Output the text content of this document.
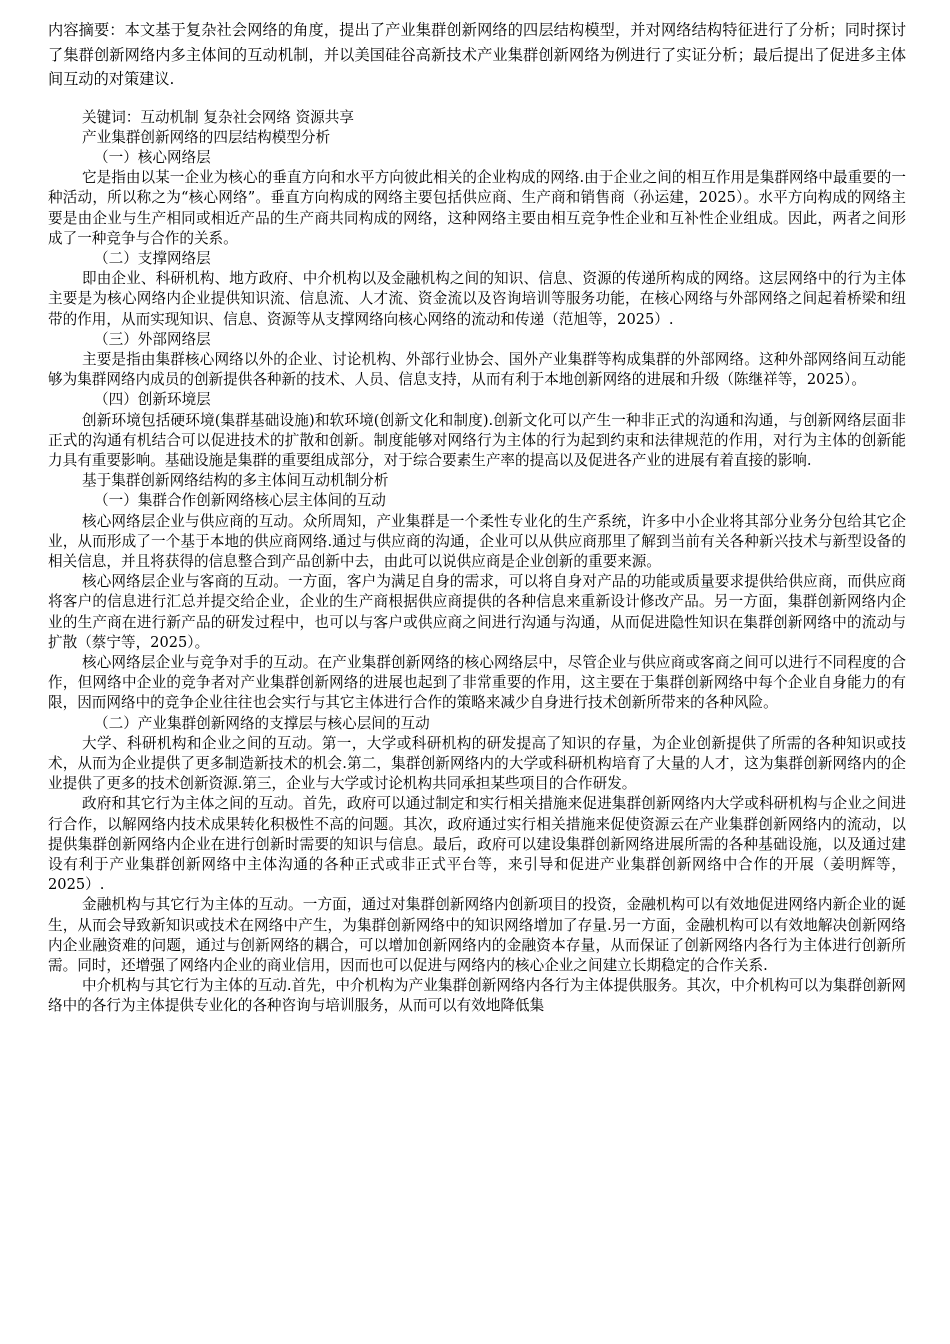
内容摘要：本文基于复杂社会网络的角度，提出了产业集群创新网络的四层结构模型，并对网络结构特征进行了分析；同时探讨了集群创新网络内多主体间的互动机制，并以美国硅谷高新技术产业集群创新网络为例进行了实证分析；最后提出了促进多主体间互动的对策建议.

关键词：互动机制 复杂社会网络 资源共享

产业集群创新网络的四层结构模型分析

（一）核心网络层

它是指由以某一企业为核心的垂直方向和水平方向彼此相关的企业构成的网络.由于企业之间的相互作用是集群网络中最重要的一种活动，所以称之为“核心网络”。垂直方向构成的网络主要包括供应商、生产商和销售商（孙运建，2025）。水平方向构成的网络主要是由企业与生产相同或相近产品的生产商共同构成的网络，这种网络主要由相互竞争性企业和互补性企业组成。因此，两者之间形成了一种竞争与合作的关系。

（二）支撑网络层

即由企业、科研机构、地方政府、中介机构以及金融机构之间的知识、信息、资源的传递所构成的网络。这层网络中的行为主体主要是为核心网络内企业提供知识流、信息流、人才流、资金流以及咨询培训等服务功能，在核心网络与外部网络之间起着桥梁和纽带的作用，从而实现知识、信息、资源等从支撑网络向核心网络的流动和传递（范旭等，2025）.

（三）外部网络层

主要是指由集群核心网络以外的企业、讨论机构、外部行业协会、国外产业集群等构成集群的外部网络。这种外部网络间互动能够为集群网络内成员的创新提供各种新的技术、人员、信息支持，从而有利于本地创新网络的进展和升级（陈继祥等，2025）。

（四）创新环境层

创新环境包括硬环境(集群基础设施)和软环境(创新文化和制度).创新文化可以产生一种非正式的沟通和沟通，与创新网络层面非正式的沟通有机结合可以促进技术的扩散和创新。制度能够对网络行为主体的行为起到约束和法律规范的作用，对行为主体的创新能力具有重要影响。基础设施是集群的重要组成部分，对于综合要素生产率的提高以及促进各产业的进展有着直接的影响.

基于集群创新网络结构的多主体间互动机制分析

（一）集群合作创新网络核心层主体间的互动

核心网络层企业与供应商的互动。众所周知，产业集群是一个柔性专业化的生产系统，许多中小企业将其部分业务分包给其它企业，从而形成了一个基于本地的供应商网络.通过与供应商的沟通，企业可以从供应商那里了解到当前有关各种新兴技术与新型设备的相关信息，并且将获得的信息整合到产品创新中去，由此可以说供应商是企业创新的重要来源。

核心网络层企业与客商的互动。一方面，客户为满足自身的需求，可以将自身对产品的功能或质量要求提供给供应商，而供应商将客户的信息进行汇总并提交给企业，企业的生产商根据供应商提供的各种信息来重新设计修改产品。另一方面，集群创新网络内企业的生产商在进行新产品的研发过程中，也可以与客户或供应商之间进行沟通与沟通，从而促进隐性知识在集群创新网络中的流动与扩散（蔡宁等，2025）。

核心网络层企业与竞争对手的互动。在产业集群创新网络的核心网络层中，尽管企业与供应商或客商之间可以进行不同程度的合作，但网络中企业的竞争者对产业集群创新网络的进展也起到了非常重要的作用，这主要在于集群创新网络中每个企业自身能力的有限，因而网络中的竞争企业往往也会实行与其它主体进行合作的策略来减少自身进行技术创新所带来的各种风险。

（二）产业集群创新网络的支撑层与核心层间的互动

大学、科研机构和企业之间的互动。第一，大学或科研机构的研发提高了知识的存量，为企业创新提供了所需的各种知识或技术，从而为企业提供了更多制造新技术的机会.第二，集群创新网络内的大学或科研机构培育了大量的人才，这为集群创新网络内的企业提供了更多的技术创新资源.第三，企业与大学或讨论机构共同承担某些项目的合作研发。

政府和其它行为主体之间的互动。首先，政府可以通过制定和实行相关措施来促进集群创新网络内大学或科研机构与企业之间进行合作，以解网络内技术成果转化积极性不高的问题。其次，政府通过实行相关措施来促使资源云在产业集群创新网络内的流动，以提供集群创新网络内企业在进行创新时需要的知识与信息。最后，政府可以建设集群创新网络进展所需的各种基础设施，以及通过建设有利于产业集群创新网络中主体沟通的各种正式或非正式平台等，来引导和促进产业集群创新网络中合作的开展（姜明辉等，2025）.

金融机构与其它行为主体的互动。一方面，通过对集群创新网络内创新项目的投资，金融机构可以有效地促进网络内新企业的诞生，从而会导致新知识或技术在网络中产生，为集群创新网络中的知识网络增加了存量.另一方面，金融机构可以有效地解决创新网络内企业融资难的问题，通过与创新网络的耦合，可以增加创新网络内的金融资本存量，从而保证了创新网络内各行为主体进行创新所需。同时，还增强了网络内企业的商业信用，因而也可以促进与网络内的核心企业之间建立长期稳定的合作关系.

中介机构与其它行为主体的互动.首先，中介机构为产业集群创新网络内各行为主体提供服务。其次，中介机构可以为集群创新网络中的各行为主体提供专业化的各种咨询与培训服务，从而可以有效地降低集
